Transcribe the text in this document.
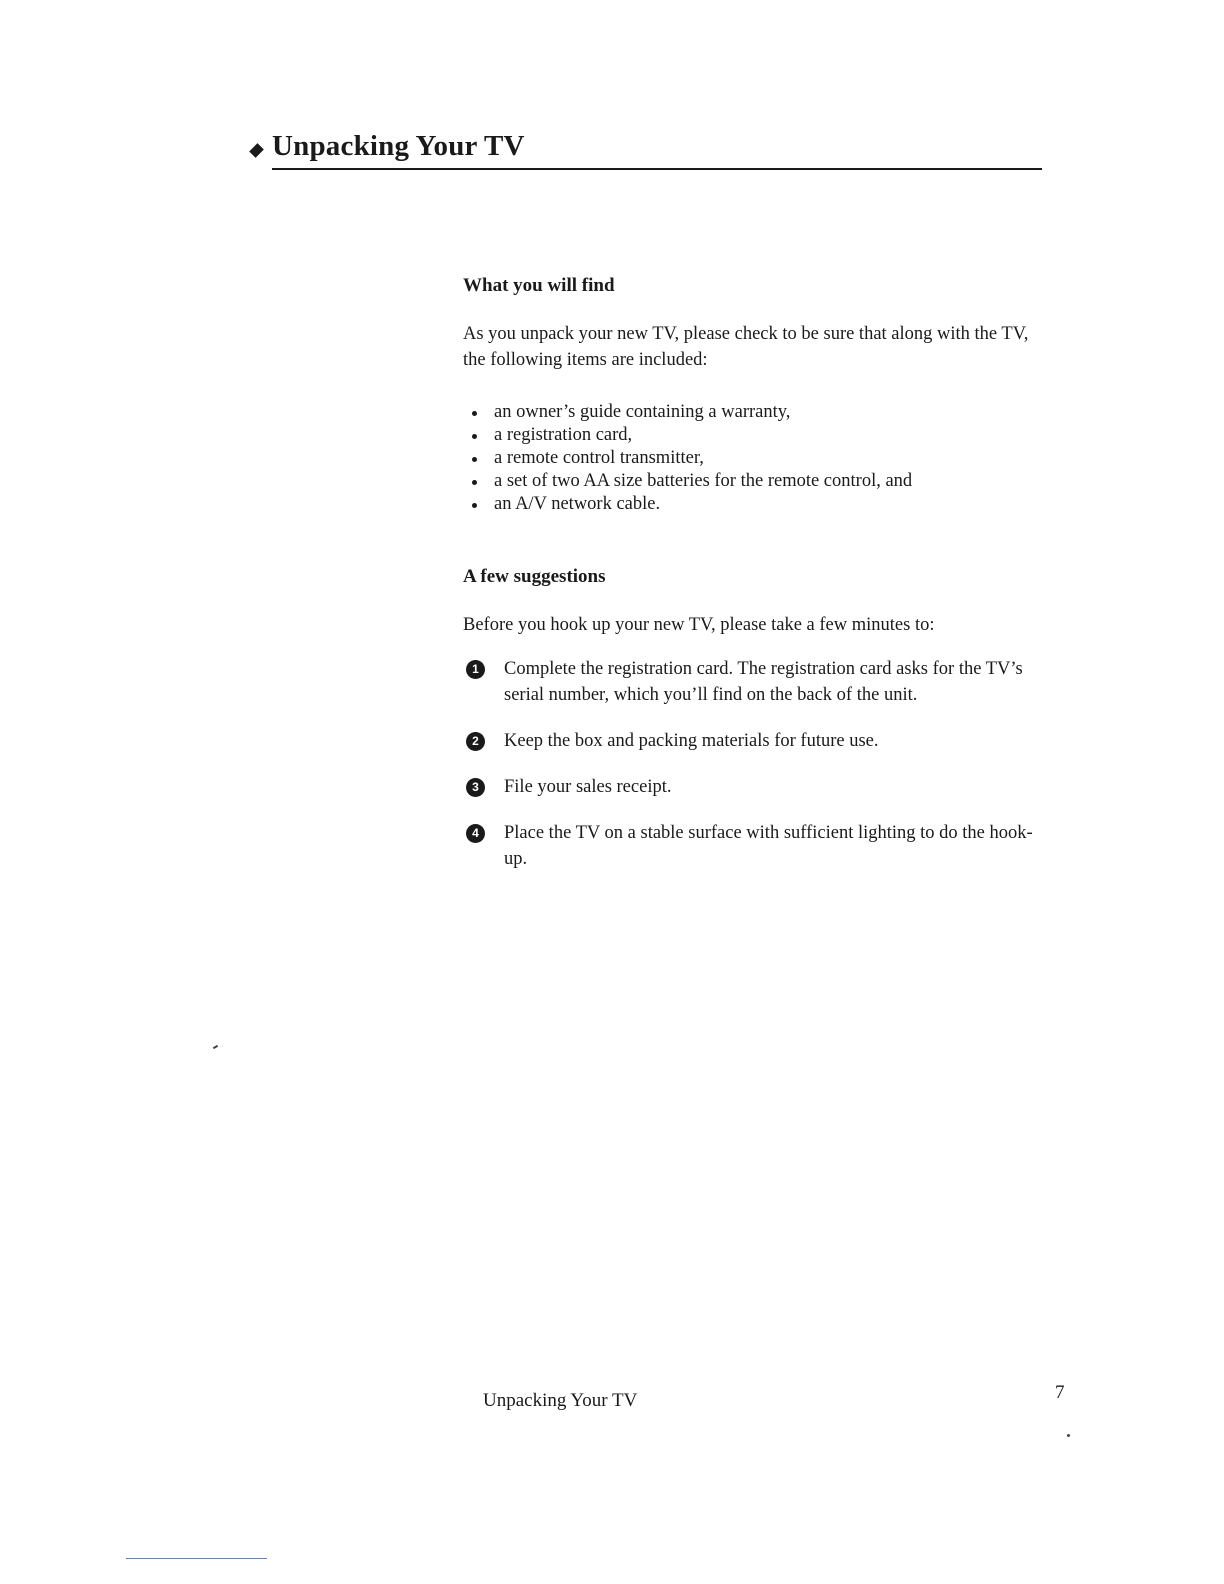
Unpacking Your TV
What you will find

As you unpack your new TV, please check to be sure that along with the TV, the following items are included:

an owner’s guide containing a warranty,
a registration card,
a remote control transmitter,
a set of two AA size batteries for the remote control, and
an A/V network cable.
A few suggestions

Before you hook up your new TV, please take a few minutes to:

1	Complete the registration card. The registration card asks for the TV’s serial number, which you’ll find on the back of the unit.
2	Keep the box and packing materials for future use.
3	File your sales receipt.
4	Place the TV on a stable surface with sufficient lighting to do the hook-up.
Unpacking Your TV	7
